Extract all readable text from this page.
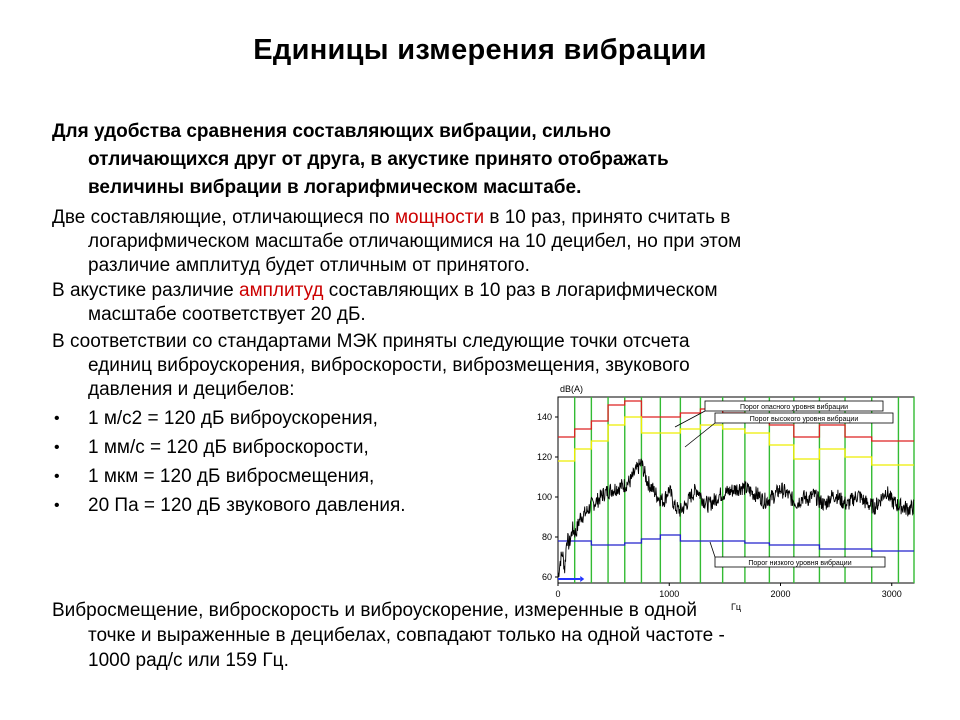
Единицы измерения вибрации

Для удобства сравнения составляющих вибрации, сильно
отличающихся друг от друга, в акустике принято отображать
величины вибрации в логарифмическом масштабе.

Две составляющие, отличающиеся по мощности в 10 раз, принято считать в
логарифмическом масштабе отличающимися на 10 децибел, но при этом
различие амплитуд будет отличным от принятого.

В акустике различие амплитуд составляющих в 10 раз в логарифмическом
масштабе соответствует 20 дБ.

В соответствии со стандартами МЭК приняты следующие точки отсчета
единиц виброускорения, виброскорости, виброзмещения, звукового
давления и децибелов:

• 1 м/с2 = 120 дБ виброускорения,
• 1 мм/с = 120 дБ виброскорости,
• 1 мкм = 120 дБ вибросмещения,
• 20 Па = 120 дБ звукового давления.
60
80
100
120
140
0	1000	2000	3000
dB(A)
Гц
Порог опасного уровня вибрации
Порог высокого уровня вибрации
Порог низкого уровня вибрации

Вибросмещение, виброскорость и виброускорение, измеренные в одной
точке и выраженные в децибелах, совпадают только на одной частоте -
1000 рад/с или 159 Гц.
